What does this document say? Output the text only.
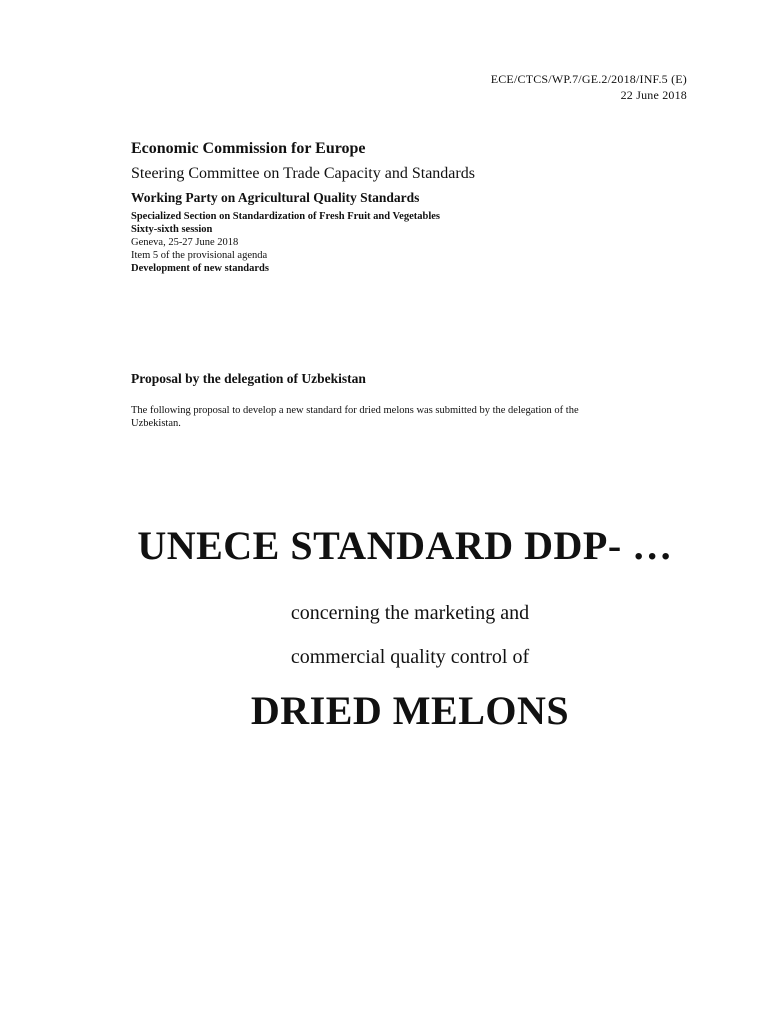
ECE/CTCS/WP.7/GE.2/2018/INF.5 (E)
22 June 2018
Economic Commission for Europe
Steering Committee on Trade Capacity and Standards
Working Party on Agricultural Quality Standards
Specialized Section on Standardization of Fresh Fruit and Vegetables
Sixty-sixth session
Geneva, 25-27 June 2018
Item 5 of the provisional agenda
Development of new standards
Proposal by the delegation of Uzbekistan
The following proposal to develop a new standard for dried melons was submitted by the delegation of the Uzbekistan.
UNECE STANDARD DDP- …
concerning the marketing and
commercial quality control of
DRIED MELONS
